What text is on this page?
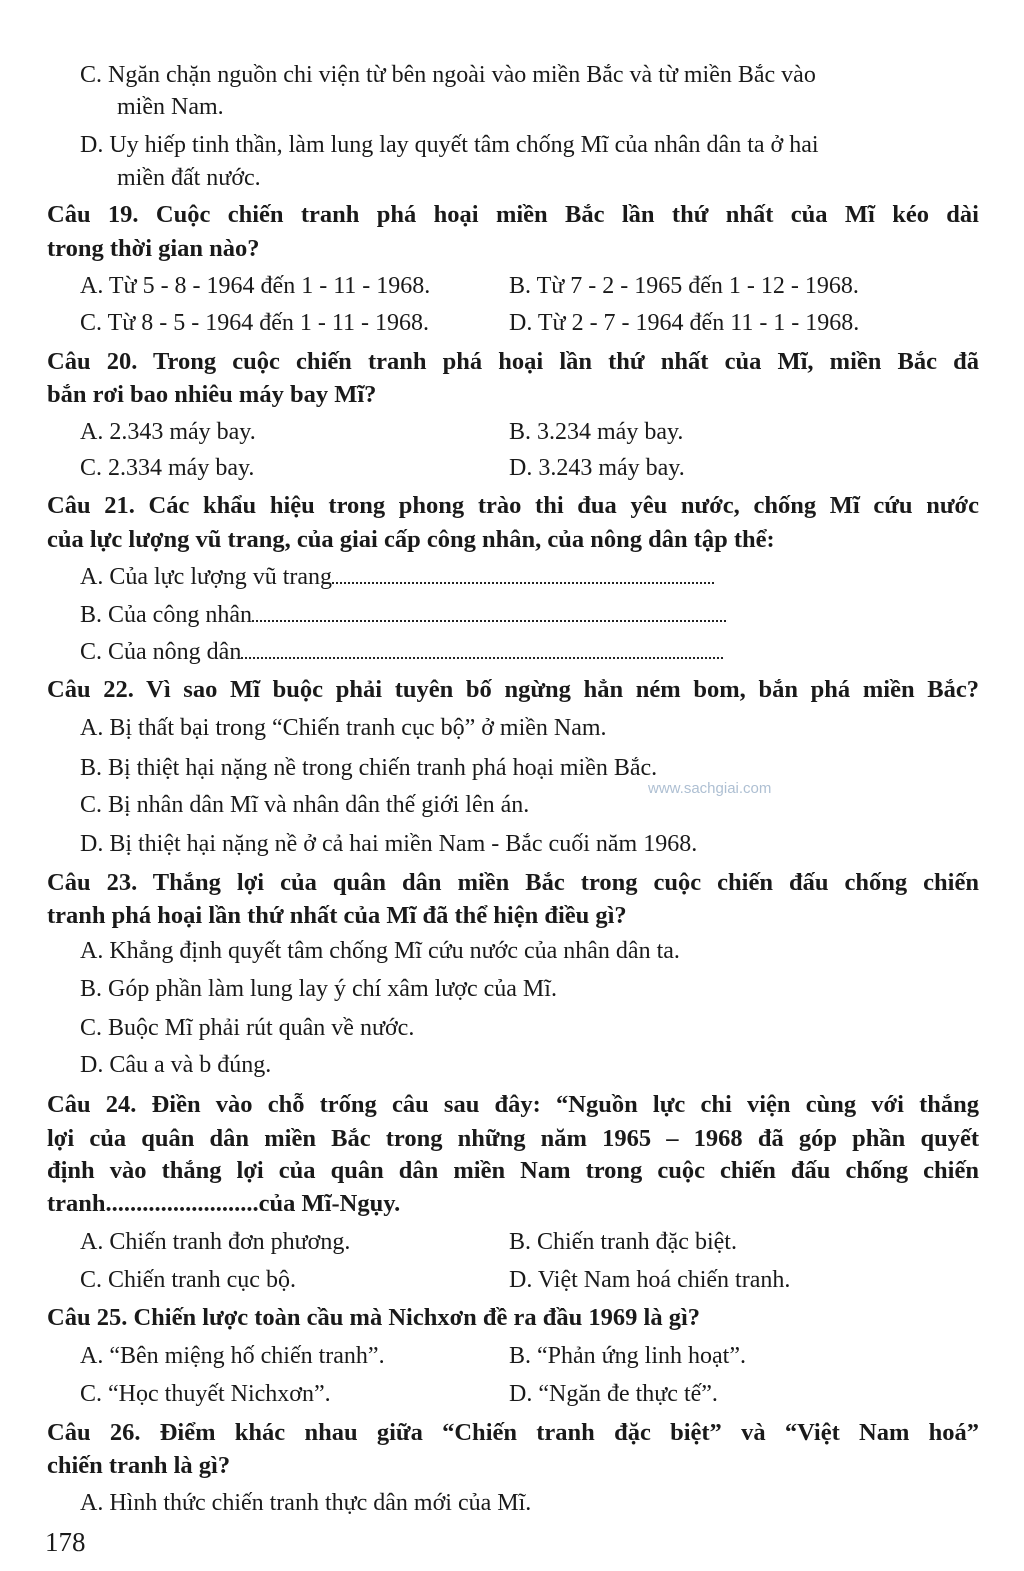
C. Ngăn chặn nguồn chi viện từ bên ngoài vào miền Bắc và từ miền Bắc vào
miền Nam.
D. Uy hiếp tinh thần, làm lung lay quyết tâm chống Mĩ của nhân dân ta ở hai
miền đất nước.
Câu 19. Cuộc chiến tranh phá hoại miền Bắc lần thứ nhất của Mĩ kéo dài
trong thời gian nào?
A. Từ 5 - 8 - 1964 đến 1 - 11 - 1968.	B. Từ 7 - 2 - 1965 đến 1 - 12 - 1968.
C. Từ 8 - 5 - 1964 đến 1 - 11 - 1968.	D. Từ 2 - 7 - 1964 đến 11 - 1 - 1968.
Câu 20. Trong cuộc chiến tranh phá hoại lần thứ nhất của Mĩ, miền Bắc đã
bắn rơi bao nhiêu máy bay Mĩ?
A. 2.343 máy bay.	B. 3.234 máy bay.
C. 2.334 máy bay.	D. 3.243 máy bay.
Câu 21. Các khẩu hiệu trong phong trào thi đua yêu nước, chống Mĩ cứu nước
của lực lượng vũ trang, của giai cấp công nhân, của nông dân tập thể:
A. Của lực lượng vũ trang
B. Của công nhân
C. Của nông dân
Câu 22. Vì sao Mĩ buộc phải tuyên bố ngừng hẳn ném bom, bắn phá miền Bắc?
A. Bị thất bại trong “Chiến tranh cục bộ” ở miền Nam.
B. Bị thiệt hại nặng nề trong chiến tranh phá hoại miền Bắc.
C. Bị nhân dân Mĩ và nhân dân thế giới lên án.
D. Bị thiệt hại nặng nề ở cả hai miền Nam - Bắc cuối năm 1968.
www.sachgiai.com
Câu 23. Thắng lợi của quân dân miền Bắc trong cuộc chiến đấu chống chiến
tranh phá hoại lần thứ nhất của Mĩ đã thể hiện điều gì?
A. Khẳng định quyết tâm chống Mĩ cứu nước của nhân dân ta.
B. Góp phần làm lung lay ý chí xâm lược của Mĩ.
C. Buộc Mĩ phải rút quân về nước.
D. Câu a và b đúng.
Câu 24. Điền vào chỗ trống câu sau đây: “Nguồn lực chi viện cùng với thắng
lợi của quân dân miền Bắc trong những năm 1965 – 1968 đã góp phần quyết
định vào thắng lợi của quân dân miền Nam trong cuộc chiến đấu chống chiến
tranh.........................của Mĩ-Ngụy.
A. Chiến tranh đơn phương.	B. Chiến tranh đặc biệt.
C. Chiến tranh cục bộ.	D. Việt Nam hoá chiến tranh.
Câu 25. Chiến lược toàn cầu mà Nichxơn đề ra đầu 1969 là gì?
A. “Bên miệng hố chiến tranh”.	B. “Phản ứng linh hoạt”.
C. “Học thuyết Nichxơn”.	D. “Ngăn đe thực tế”.
Câu 26. Điểm khác nhau giữa “Chiến tranh đặc biệt” và “Việt Nam hoá”
chiến tranh là gì?
A. Hình thức chiến tranh thực dân mới của Mĩ.
178
